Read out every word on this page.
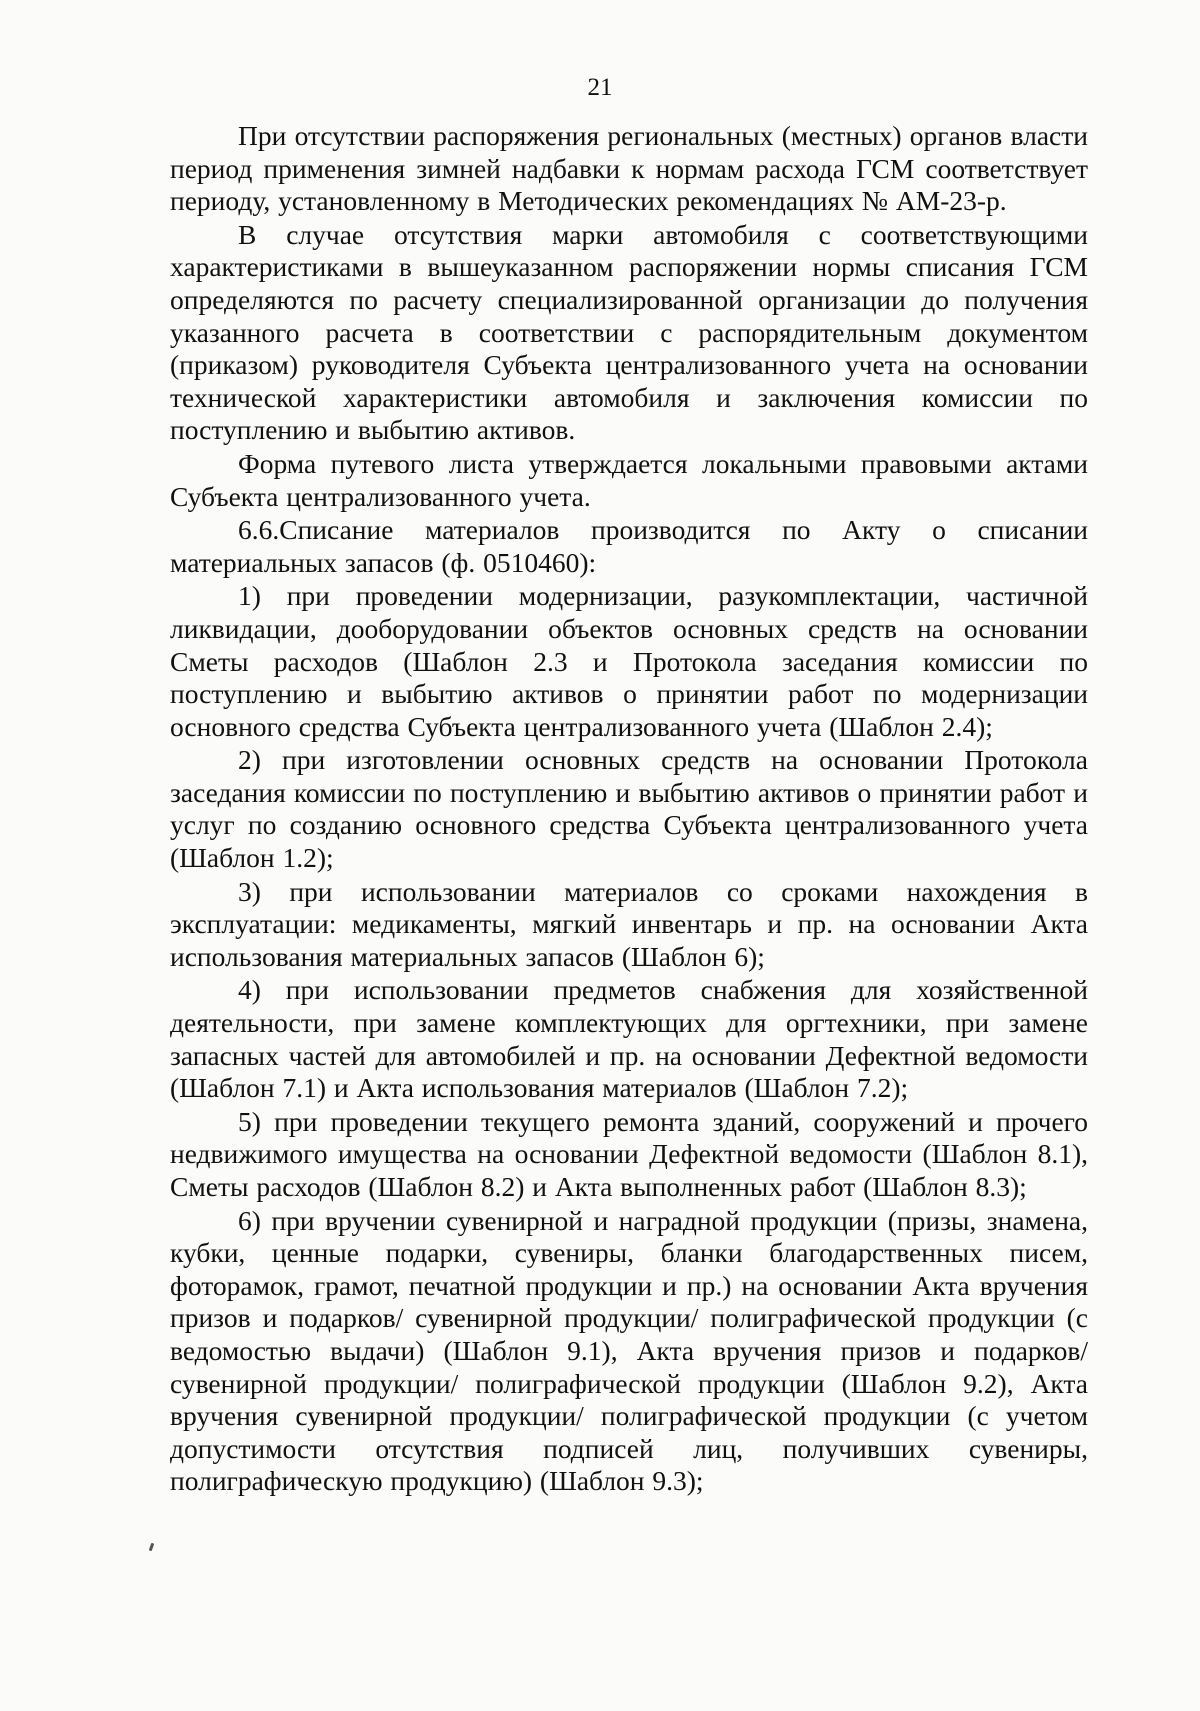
21

При отсутствии распоряжения региональных (местных) органов власти период применения зимней надбавки к нормам расхода ГСМ соответствует периоду, установленному в Методических рекомендациях № АМ-23-р.

В случае отсутствия марки автомобиля с соответствующими характеристиками в вышеуказанном распоряжении нормы списания ГСМ определяются по расчету специализированной организации до получения указанного расчета в соответствии с распорядительным документом (приказом) руководителя Субъекта централизованного учета на основании технической характеристики автомобиля и заключения комиссии по поступлению и выбытию активов.

Форма путевого листа утверждается локальными правовыми актами Субъекта централизованного учета.

6.6.Списание материалов производится по Акту о списании материальных запасов (ф. 0510460):

1) при проведении модернизации, разукомплектации, частичной ликвидации, дооборудовании объектов основных средств на основании Сметы расходов (Шаблон 2.3 и Протокола заседания комиссии по поступлению и выбытию активов о принятии работ по модернизации основного средства Субъекта централизованного учета (Шаблон 2.4);

2) при изготовлении основных средств на основании Протокола заседания комиссии по поступлению и выбытию активов о принятии работ и услуг по созданию основного средства Субъекта централизованного учета (Шаблон 1.2);

3) при использовании материалов со сроками нахождения в эксплуатации: медикаменты, мягкий инвентарь и пр. на основании Акта использования материальных запасов (Шаблон 6);

4) при использовании предметов снабжения для хозяйственной деятельности, при замене комплектующих для оргтехники, при замене запасных частей для автомобилей и пр. на основании Дефектной ведомости (Шаблон 7.1) и Акта использования материалов (Шаблон 7.2);

5) при проведении текущего ремонта зданий, сооружений и прочего недвижимого имущества на основании Дефектной ведомости (Шаблон 8.1), Сметы расходов (Шаблон 8.2) и Акта выполненных работ (Шаблон 8.3);

6) при вручении сувенирной и наградной продукции (призы, знамена, кубки, ценные подарки, сувениры, бланки благодарственных писем, фоторамок, грамот, печатной продукции и пр.) на основании Акта вручения призов и подарков/ сувенирной продукции/ полиграфической продукции (с ведомостью выдачи) (Шаблон 9.1), Акта вручения призов и подарков/ сувенирной продукции/ полиграфической продукции (Шаблон 9.2), Акта вручения сувенирной продукции/ полиграфической продукции (с учетом допустимости отсутствия подписей лиц, получивших сувениры, полиграфическую продукцию) (Шаблон 9.3);
